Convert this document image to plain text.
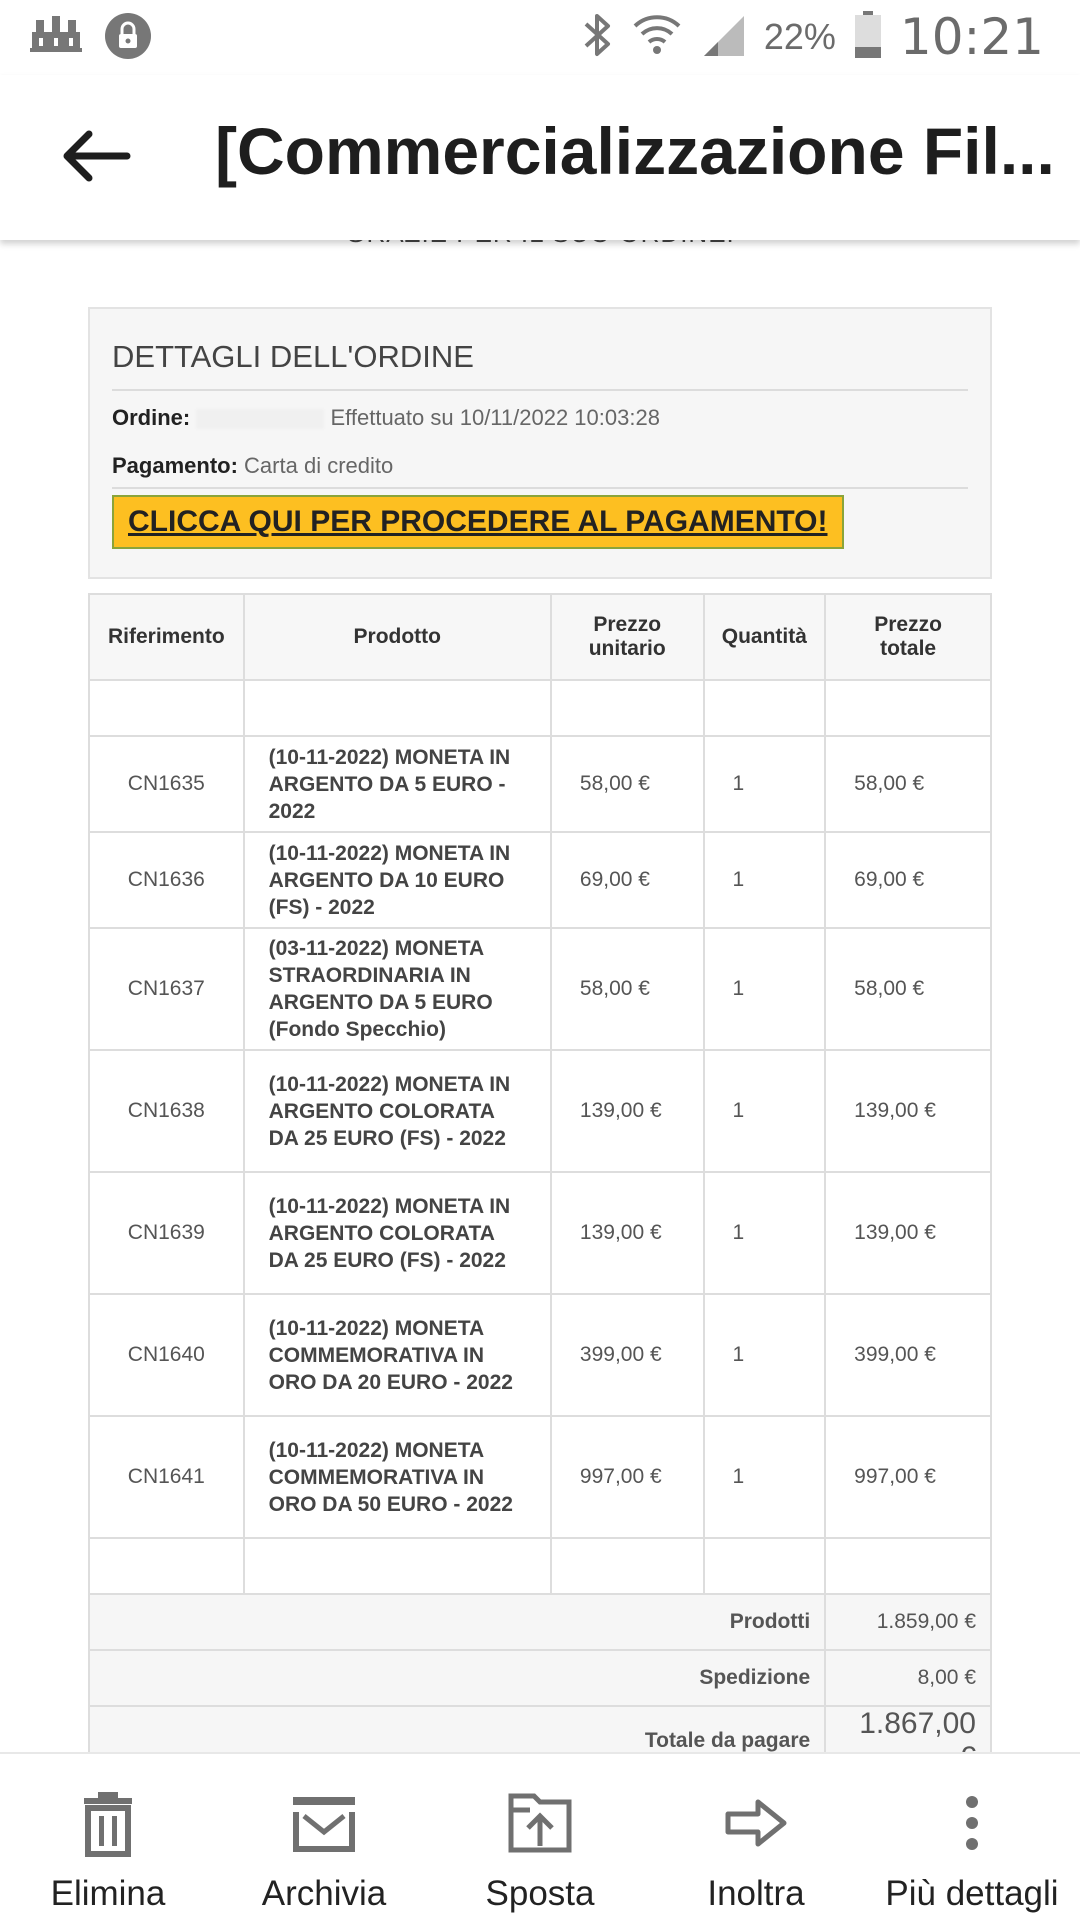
22% 10:21
[Commercializzazione Fil...
DETTAGLI DELL'ORDINE
Ordine:	Effettuato su 10/11/2022 10:03:28
Pagamento: Carta di credito
CLICCA QUI PER PROCEDERE AL PAGAMENTO!
Riferimento	Prodotto	Prezzo unitario	Quantità	Prezzo totale

CN1635	(10-11-2022) MONETA IN ARGENTO DA 5 EURO - 2022	58,00 €	1	58,00 €
CN1636	(10-11-2022) MONETA IN ARGENTO DA 10 EURO (FS) - 2022	69,00 €	1	69,00 €
CN1637	(03-11-2022) MONETA STRAORDINARIA IN ARGENTO DA 5 EURO (Fondo Specchio)	58,00 €	1	58,00 €
CN1638	(10-11-2022) MONETA IN ARGENTO COLORATA DA 25 EURO (FS) - 2022	139,00 €	1	139,00 €
CN1639	(10-11-2022) MONETA IN ARGENTO COLORATA DA 25 EURO (FS) - 2022	139,00 €	1	139,00 €
CN1640	(10-11-2022) MONETA COMMEMORATIVA IN ORO DA 20 EURO - 2022	399,00 €	1	399,00 €
CN1641	(10-11-2022) MONETA COMMEMORATIVA IN ORO DA 50 EURO - 2022	997,00 €	1	997,00 €

Prodotti				1.859,00 €
Spedizione				8,00 €
Totale da pagare				1.867,00
Elimina	Archivia	Sposta	Inoltra Più dettagli
